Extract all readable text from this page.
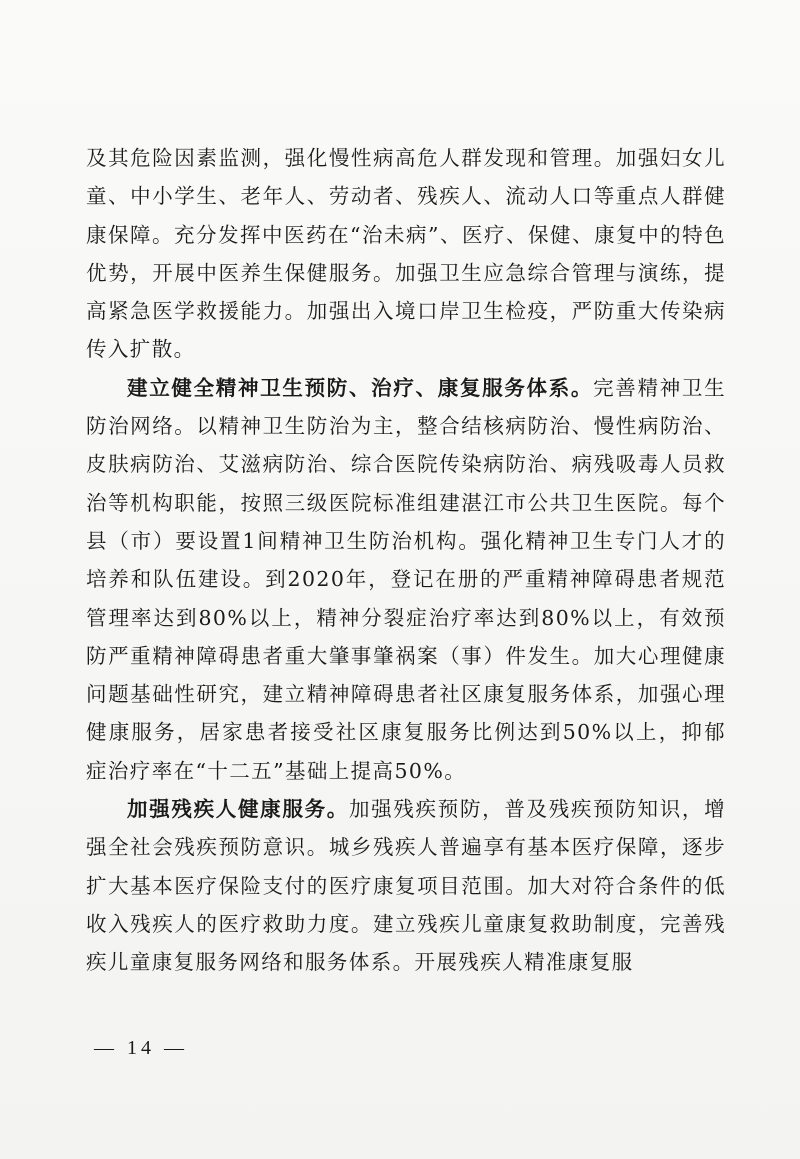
及其危险因素监测，强化慢性病高危人群发现和管理。加强妇女儿童、中小学生、老年人、劳动者、残疾人、流动人口等重点人群健康保障。充分发挥中医药在“治未病”、医疗、保健、康复中的特色优势，开展中医养生保健服务。加强卫生应急综合管理与演练，提高紧急医学救援能力。加强出入境口岸卫生检疫，严防重大传染病传入扩散。

建立健全精神卫生预防、治疗、康复服务体系。完善精神卫生防治网络。以精神卫生防治为主，整合结核病防治、慢性病防治、皮肤病防治、艾滋病防治、综合医院传染病防治、病残吸毒人员救治等机构职能，按照三级医院标准组建湛江市公共卫生医院。每个县（市）要设置1间精神卫生防治机构。强化精神卫生专门人才的培养和队伍建设。到2020年，登记在册的严重精神障碍患者规范管理率达到80%以上，精神分裂症治疗率达到80%以上，有效预防严重精神障碍患者重大肇事肇祸案（事）件发生。加大心理健康问题基础性研究，建立精神障碍患者社区康复服务体系，加强心理健康服务，居家患者接受社区康复服务比例达到50%以上，抑郁症治疗率在“十二五”基础上提高50%。

加强残疾人健康服务。加强残疾预防，普及残疾预防知识，增强全社会残疾预防意识。城乡残疾人普遍享有基本医疗保障，逐步扩大基本医疗保险支付的医疗康复项目范围。加大对符合条件的低收入残疾人的医疗救助力度。建立残疾儿童康复救助制度，完善残疾儿童康复服务网络和服务体系。开展残疾人精准康复服

— 14 —
